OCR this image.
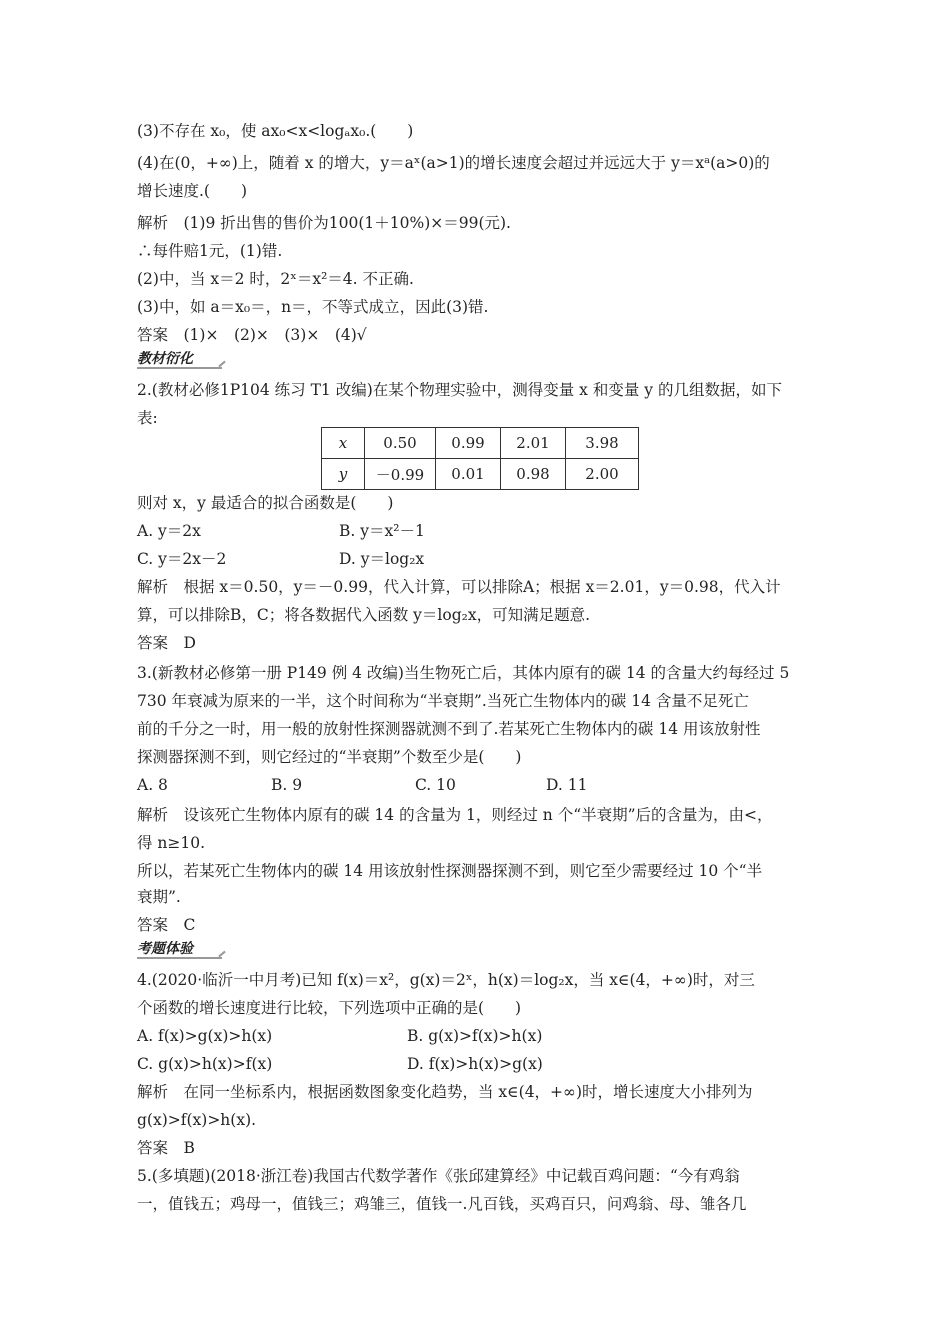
(3)不存在 x₀，使 ax₀<x<logₐx₀.(　　)
(4)在(0，+∞)上，随着 x 的增大，y＝aˣ(a>1)的增长速度会超过并远远大于 y＝xᵃ(a>0)的
增长速度.(　　)
解析　(1)9 折出售的售价为100(1＋10%)×＝99(元).
∴每件赔1元，(1)错.
(2)中，当 x＝2 时，2ˣ＝x²＝4. 不正确.
(3)中，如 a＝x₀＝，n＝，不等式成立，因此(3)错.
答案　(1)×　(2)×　(3)×　(4)√
教材衍化
2.(教材必修1P104 练习 T1 改编)在某个物理实验中，测得变量 x 和变量 y 的几组数据，如下
表:
x	0.50	0.99	2.01	3.98
y	－0.99	0.01	0.98	2.00
则对 x，y 最适合的拟合函数是(　　)
A. y＝2x	B. y＝x²－1
C. y＝2x－2	D. y＝log₂x
解析　根据 x＝0.50，y＝－0.99，代入计算，可以排除A；根据 x＝2.01，y＝0.98，代入计
算，可以排除B，C；将各数据代入函数 y＝log₂x，可知满足题意.
答案　D
3.(新教材必修第一册 P149 例 4 改编)当生物死亡后，其体内原有的碳 14 的含量大约每经过 5
730 年衰减为原来的一半，这个时间称为“半衰期”.当死亡生物体内的碳 14 含量不足死亡
前的千分之一时，用一般的放射性探测器就测不到了.若某死亡生物体内的碳 14 用该放射性
探测器探测不到，则它经过的“半衰期”个数至少是(　　)
A. 8	B. 9	C. 10	D. 11
解析　设该死亡生物体内原有的碳 14 的含量为 1，则经过 n 个“半衰期”后的含量为，由<，
得 n≥10.
所以，若某死亡生物体内的碳 14 用该放射性探测器探测不到，则它至少需要经过 10 个“半
衰期”.
答案　C
考题体验
4.(2020·临沂一中月考)已知 f(x)＝x²，g(x)＝2ˣ，h(x)＝log₂x，当 x∈(4，+∞)时，对三
个函数的增长速度进行比较，下列选项中正确的是(　　)
A. f(x)>g(x)>h(x)	B. g(x)>f(x)>h(x)
C. g(x)>h(x)>f(x)	D. f(x)>h(x)>g(x)
解析　在同一坐标系内，根据函数图象变化趋势，当 x∈(4，+∞)时，增长速度大小排列为
g(x)>f(x)>h(x).
答案　B
5.(多填题)(2018·浙江卷)我国古代数学著作《张邱建算经》中记载百鸡问题：“今有鸡翁
一，值钱五；鸡母一，值钱三；鸡雏三，值钱一.凡百钱，买鸡百只，问鸡翁、母、雏各几
